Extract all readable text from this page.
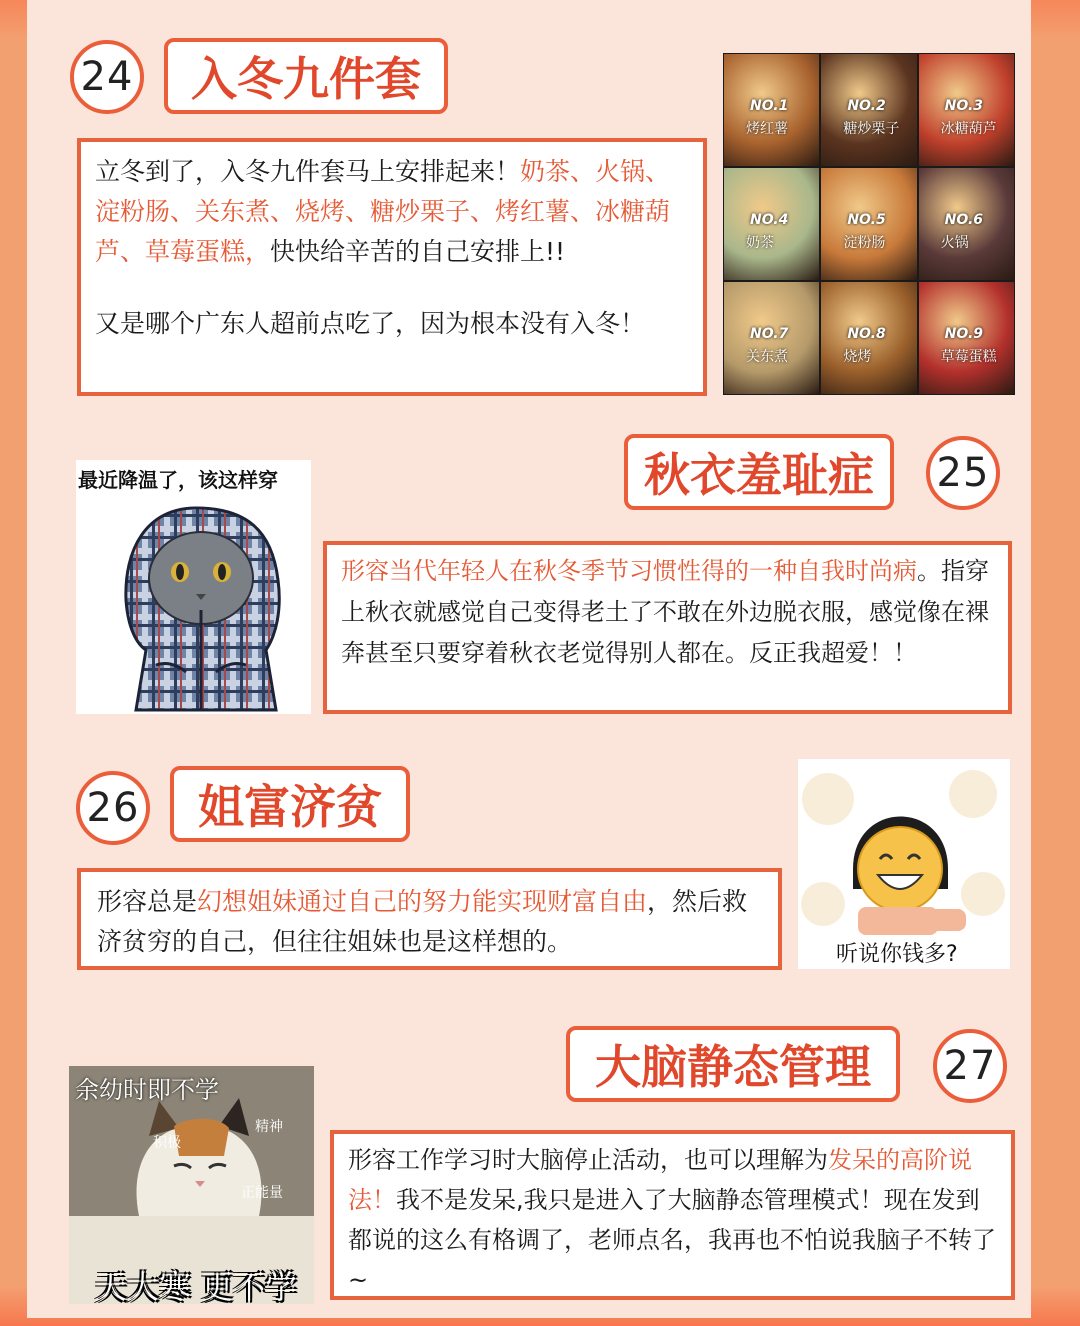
24	入冬九件套
立冬到了，入冬九件套马上安排起来！奶茶、火锅、淀粉肠、关东煮、烧烤、糖炒栗子、烤红薯、冰糖葫芦、草莓蛋糕，快快给辛苦的自己安排上!!
又是哪个广东人超前点吃了，因为根本没有入冬！
NO.1
烤红薯
NO.2
糖炒栗子
NO.3
冰糖葫芦
NO.4
奶茶
NO.5
淀粉肠
NO.6
火锅
NO.7
关东煮
NO.8
烧烤
NO.9
草莓蛋糕
最近降温了，该这样穿	秋衣羞耻症	25
形容当代年轻人在秋冬季节习惯性得的一种自我时尚病。指穿上秋衣就感觉自己变得老土了不敢在外边脱衣服，感觉像在裸奔甚至只要穿着秋衣老觉得别人都在。反正我超爱！！
26	姐富济贫
形容总是幻想姐妹通过自己的努力能实现财富自由，然后救济贫穷的自己，但往往姐妹也是这样想的。	听说你钱多?
大脑静态管理	27
余幼时即不学
精神
积极
正能量
天大寒 更不学
形容工作学习时大脑停止活动，也可以理解为发呆的高阶说法！我不是发呆,我只是进入了大脑静态管理模式！现在发到都说的这么有格调了，老师点名，我再也不怕说我脑子不转了~
